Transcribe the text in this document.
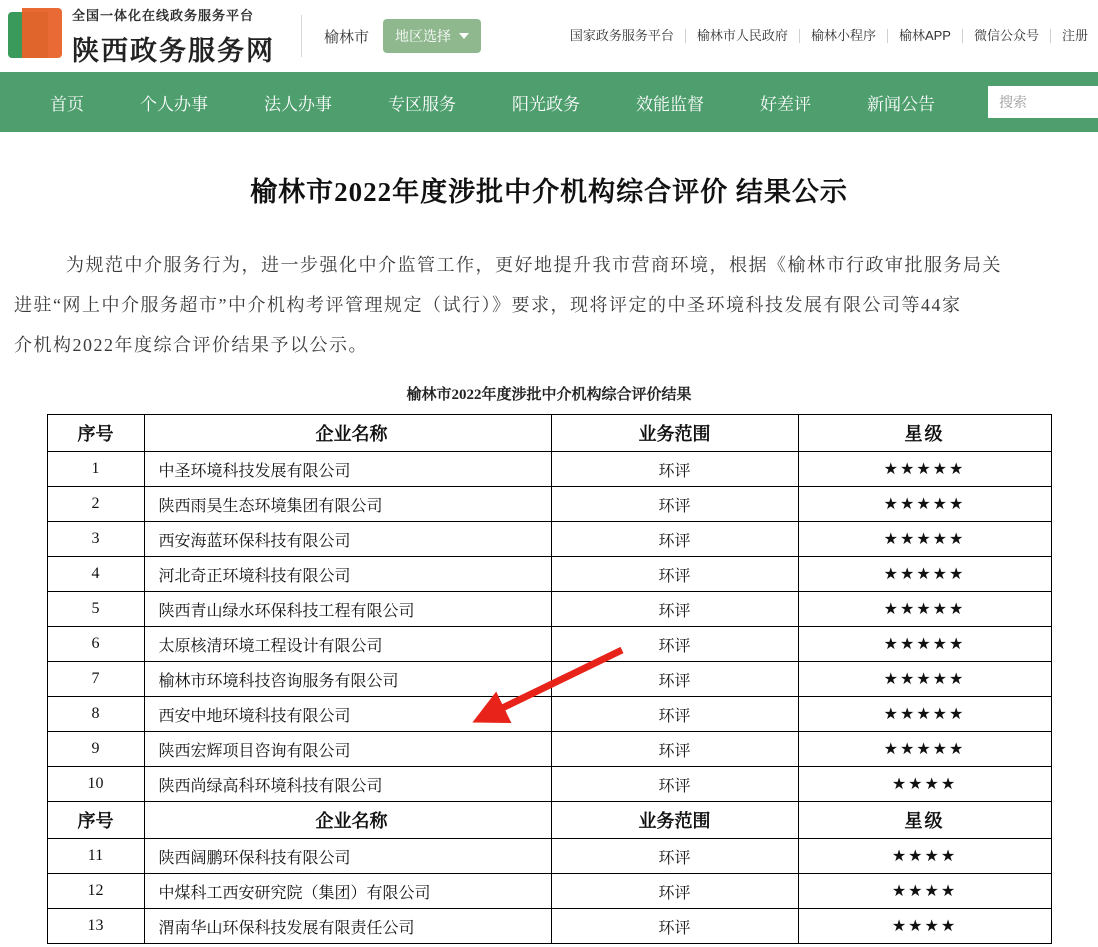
全国一体化在线政务服务平台
陕西政务服务网	榆林市 地区选择	国家政务服务平台	榆林市人民政府	榆林小程序	榆林APP	微信公众号	注册
首页	个人办事	法人办事	专区服务	阳光政务	效能监督	好差评	新闻公告	搜索
榆林市2022年度涉批中介机构综合评价 结果公示
为规范中介服务行为，进一步强化中介监管工作，更好地提升我市营商环境，根据《榆林市行政审批服务局关
进驻“网上中介服务超市”中介机构考评管理规定（试行）》要求，现将评定的中圣环境科技发展有限公司等44家
介机构2022年度综合评价结果予以公示。
榆林市2022年度涉批中介机构综合评价结果
序号	企业名称	业务范围	星级
1	中圣环境科技发展有限公司	环评	★★★★★
2	陕西雨昊生态环境集团有限公司	环评	★★★★★
3	西安海蓝环保科技有限公司	环评	★★★★★
4	河北奇正环境科技有限公司	环评	★★★★★
5	陕西青山绿水环保科技工程有限公司	环评	★★★★★
6	太原核清环境工程设计有限公司	环评	★★★★★
7	榆林市环境科技咨询服务有限公司	环评	★★★★★
8	西安中地环境科技有限公司	环评	★★★★★
9	陕西宏辉项目咨询有限公司	环评	★★★★★
10	陕西尚绿高科环境科技有限公司	环评	★★★★
序号	企业名称	业务范围	星级
11	陕西阔鹏环保科技有限公司	环评	★★★★
12	中煤科工西安研究院（集团）有限公司	环评	★★★★
13	渭南华山环保科技发展有限责任公司	环评	★★★★
